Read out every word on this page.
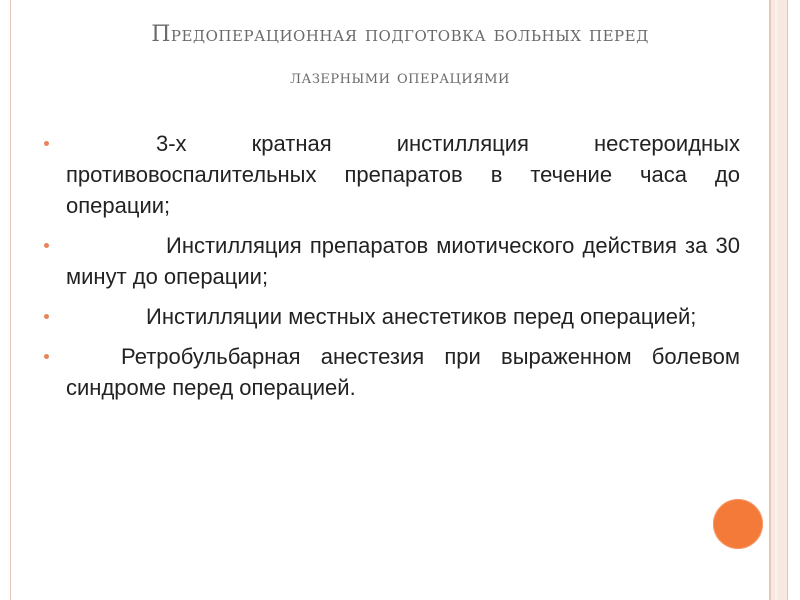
Предоперационная подготовка больных перед
лазерными операциями
3-х кратная инстилляция нестероидных противовоспалительных препаратов в течение часа до операции;
Инстилляция препаратов миотического действия за 30 минут до операции;
Инстилляции местных анестетиков перед операцией;
Ретробульбарная анестезия при выраженном болевом синдроме перед операцией.
